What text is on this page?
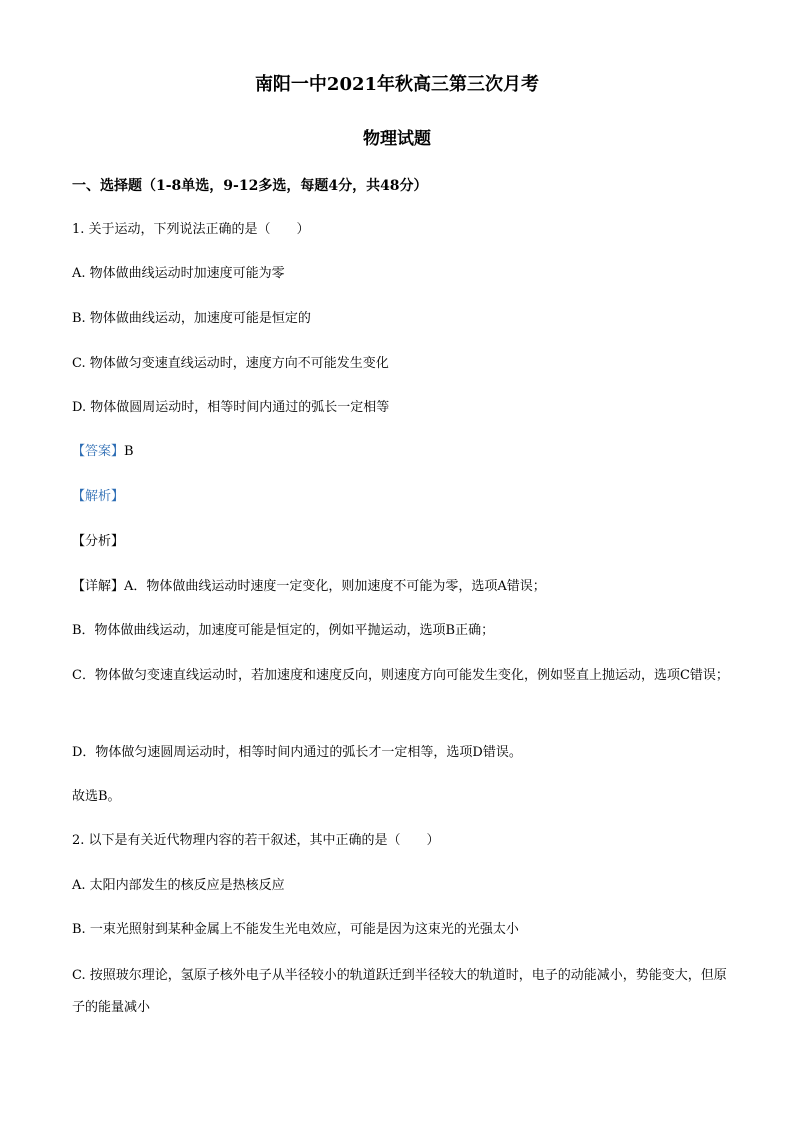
南阳一中2021年秋高三第三次月考
物理试题
一、选择题（1-8单选，9-12多选，每题4分，共48分）
1. 关于运动，下列说法正确的是（　　）
A. 物体做曲线运动时加速度可能为零
B. 物体做曲线运动，加速度可能是恒定的
C. 物体做匀变速直线运动时，速度方向不可能发生变化
D. 物体做圆周运动时，相等时间内通过的弧长一定相等
【答案】B
【解析】
【分析】
【详解】A．物体做曲线运动时速度一定变化，则加速度不可能为零，选项A错误；
B．物体做曲线运动，加速度可能是恒定的，例如平抛运动，选项B正确；
C．物体做匀变速直线运动时，若加速度和速度反向，则速度方向可能发生变化，例如竖直上抛运动，选项C错误；
D．物体做匀速圆周运动时，相等时间内通过的弧长才一定相等，选项D错误。
故选B。
2. 以下是有关近代物理内容的若干叙述，其中正确的是（　　）
A. 太阳内部发生的核反应是热核反应
B. 一束光照射到某种金属上不能发生光电效应，可能是因为这束光的光强太小
C. 按照玻尔理论，氢原子核外电子从半径较小的轨道跃迁到半径较大的轨道时，电子的动能减小，势能变大，但原子的能量减小
